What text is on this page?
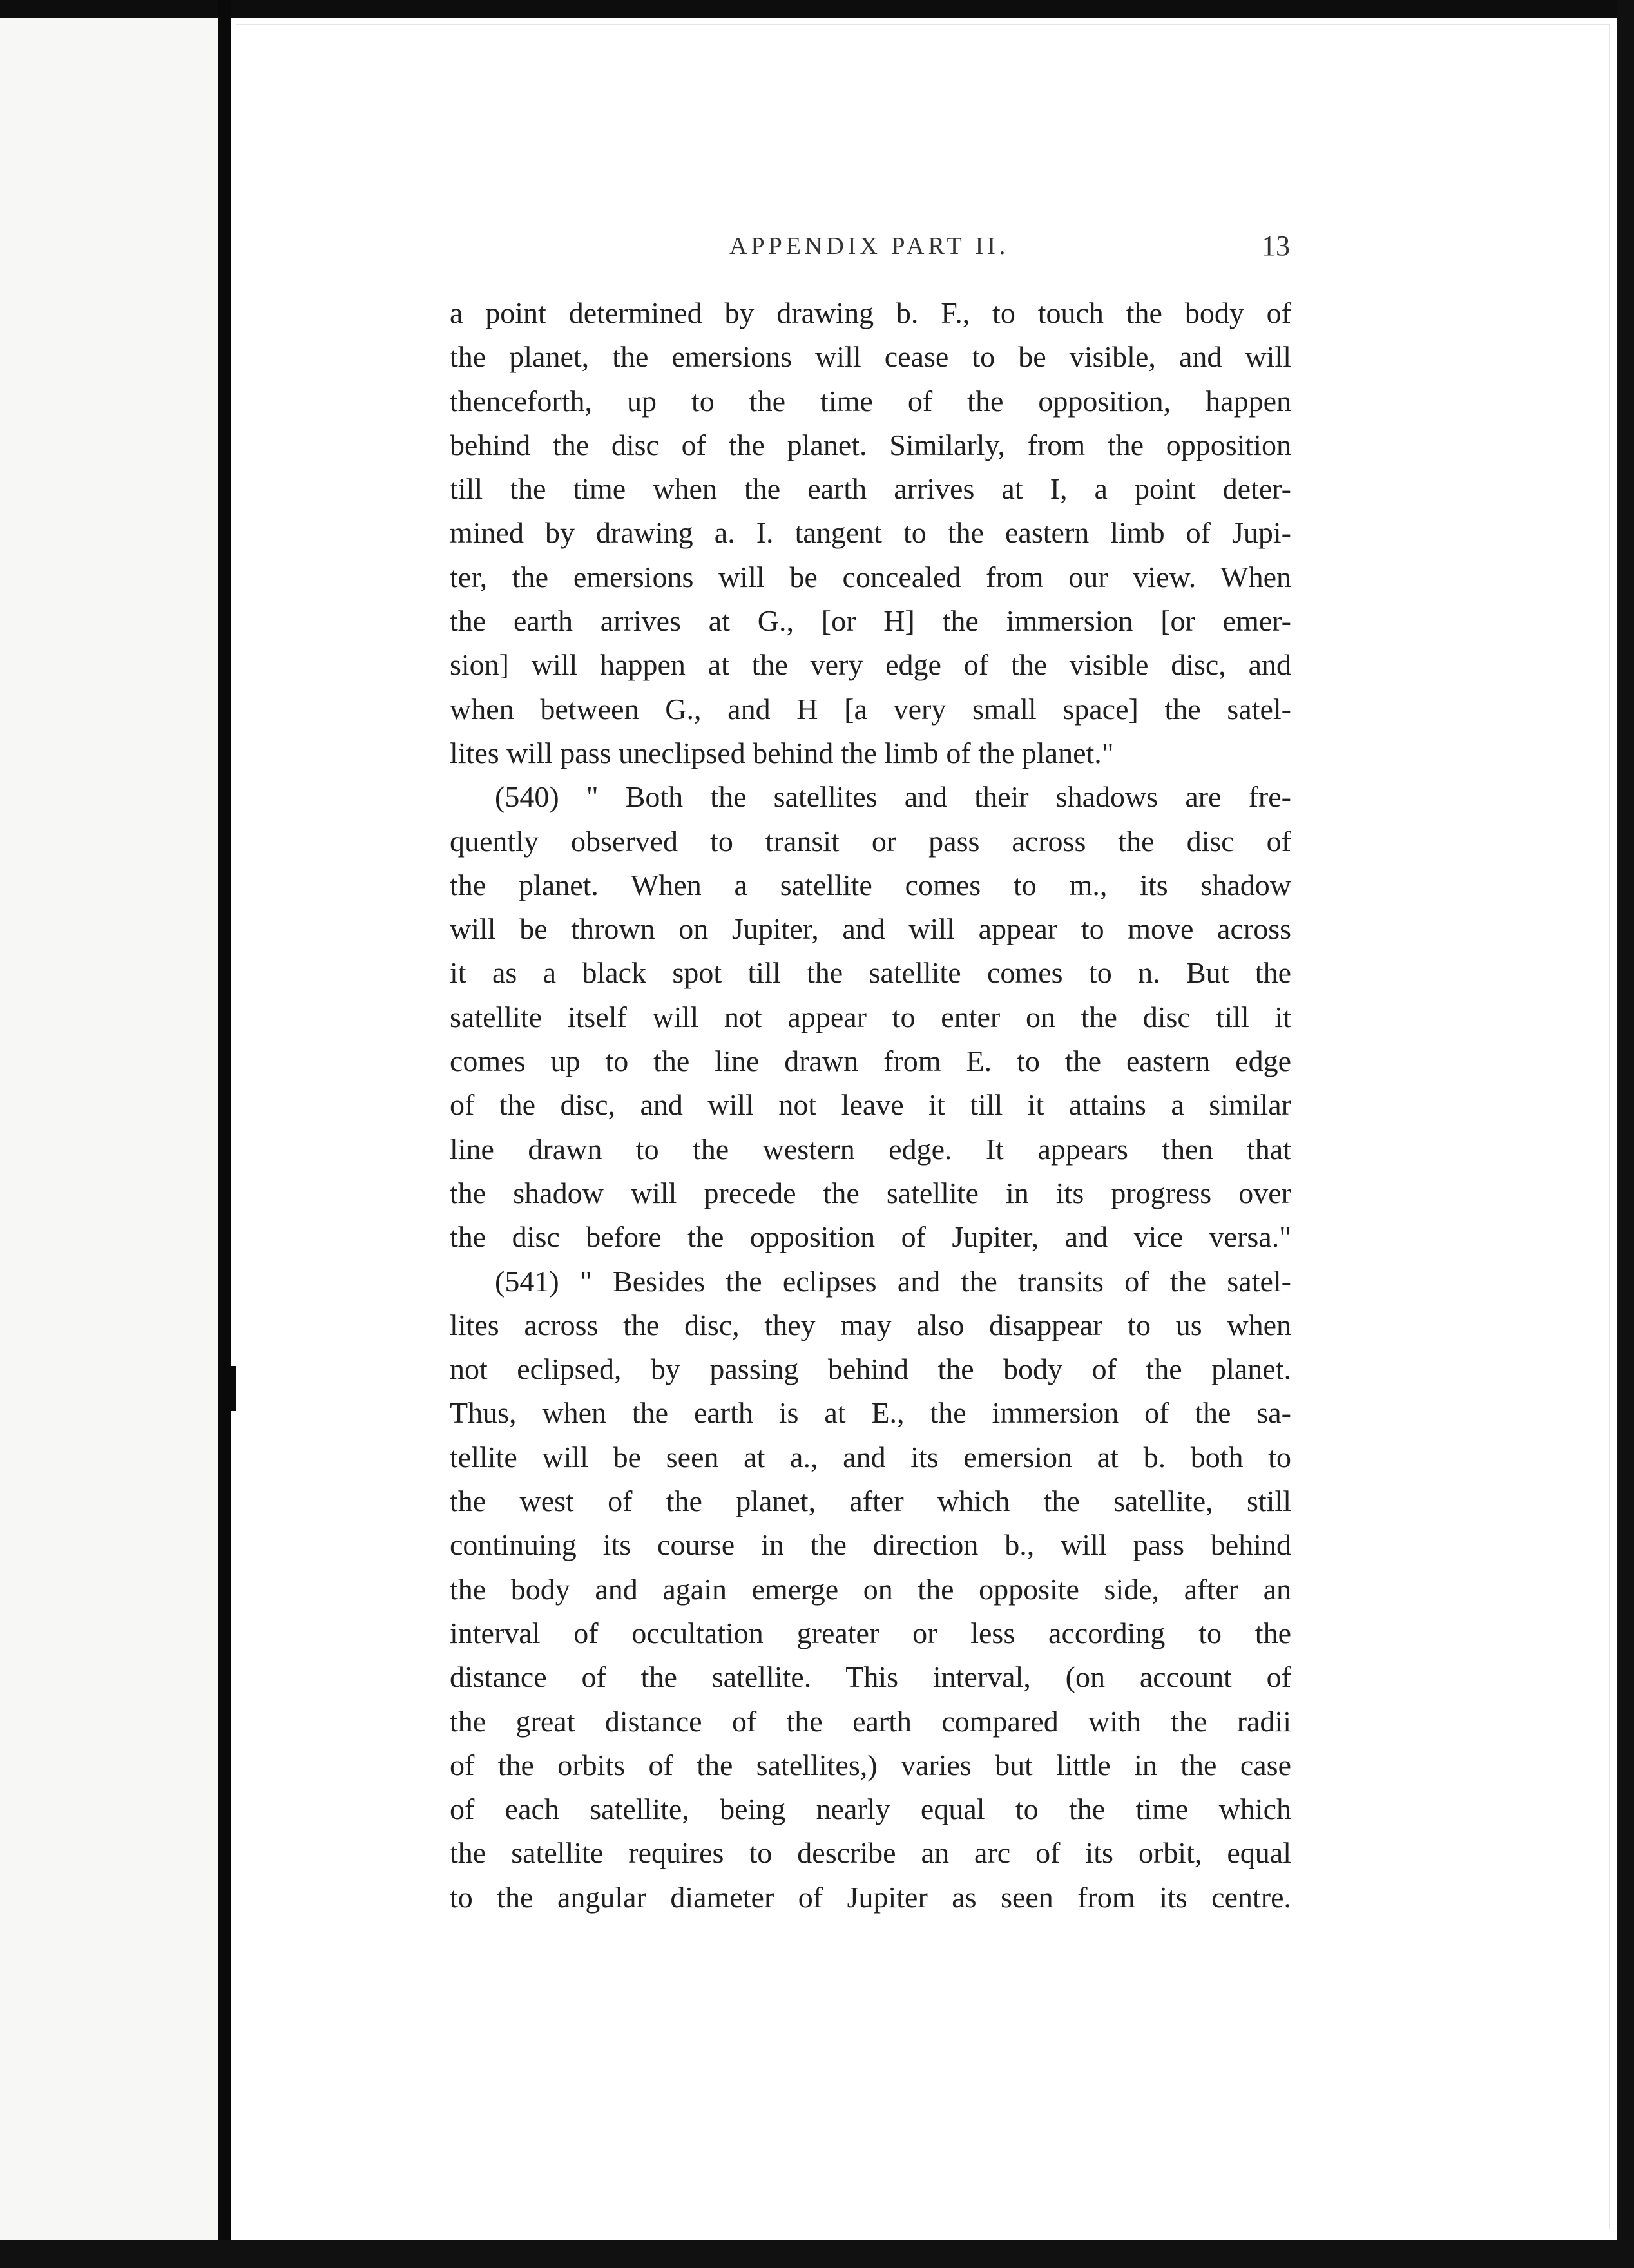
APPENDIX PART II.	13
a point determined by drawing b. F., to touch the body of
the planet, the emersions will cease to be visible, and will
thenceforth, up to the time of the opposition, happen
behind the disc of the planet. Similarly, from the opposition
till the time when the earth arrives at I, a point deter-
mined by drawing a. I. tangent to the eastern limb of Jupi-
ter, the emersions will be concealed from our view. When
the earth arrives at G., [or H] the immersion [or emer-
sion] will happen at the very edge of the visible disc, and
when between G., and H [a very small space] the satel-
lites will pass uneclipsed behind the limb of the planet."
(540) " Both the satellites and their shadows are fre-
quently observed to transit or pass across the disc of
the planet. When a satellite comes to m., its shadow
will be thrown on Jupiter, and will appear to move across
it as a black spot till the satellite comes to n. But the
satellite itself will not appear to enter on the disc till it
comes up to the line drawn from E. to the eastern edge
of the disc, and will not leave it till it attains a similar
line drawn to the western edge. It appears then that
the shadow will precede the satellite in its progress over
the disc before the opposition of Jupiter, and vice versa."
(541) " Besides the eclipses and the transits of the satel-
lites across the disc, they may also disappear to us when
not eclipsed, by passing behind the body of the planet.
Thus, when the earth is at E., the immersion of the sa-
tellite will be seen at a., and its emersion at b. both to
the west of the planet, after which the satellite, still
continuing its course in the direction b., will pass behind
the body and again emerge on the opposite side, after an
interval of occultation greater or less according to the
distance of the satellite. This interval, (on account of
the great distance of the earth compared with the radii
of the orbits of the satellites,) varies but little in the case
of each satellite, being nearly equal to the time which
the satellite requires to describe an arc of its orbit, equal
to the angular diameter of Jupiter as seen from its centre.
